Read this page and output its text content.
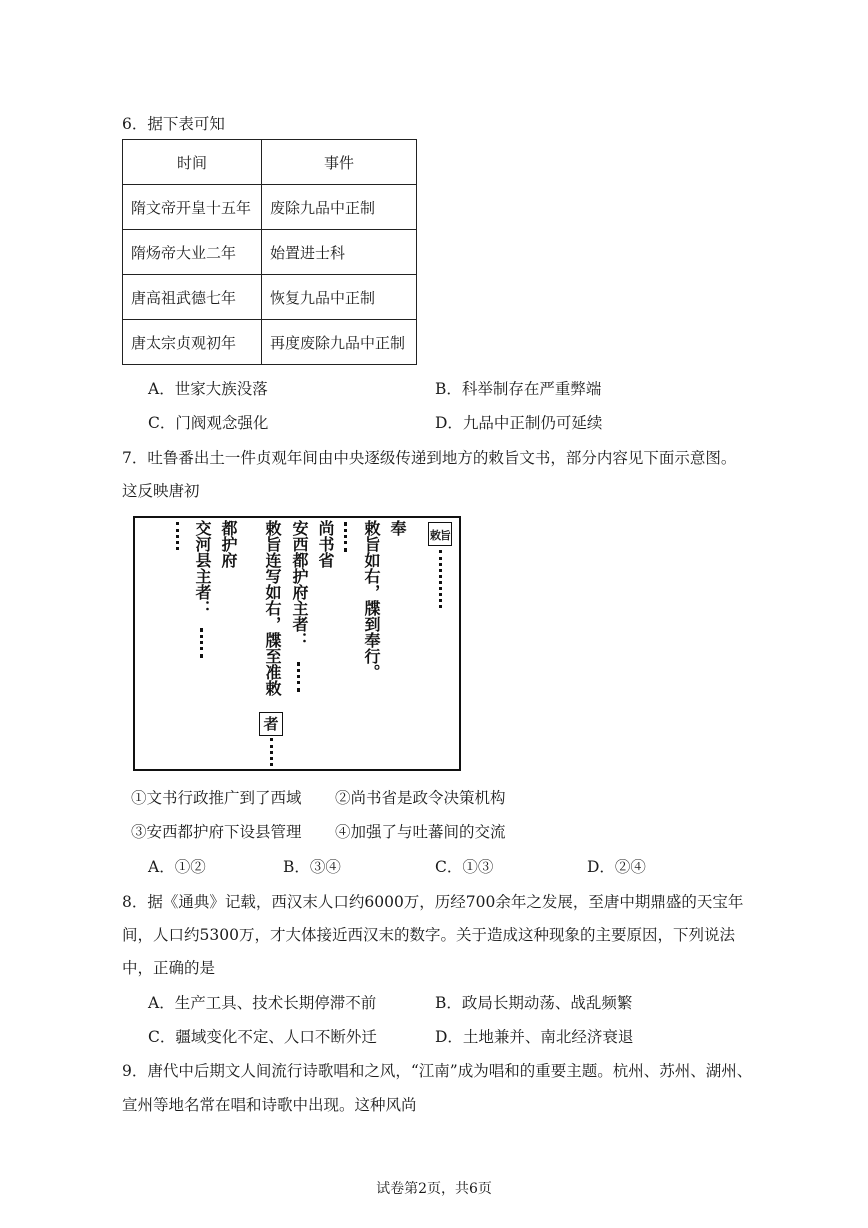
6．据下表可知
时间	事件
隋文帝开皇十五年	废除九品中正制
隋炀帝大业二年	始置进士科
唐高祖武德七年	恢复九品中正制
唐太宗贞观初年	再度废除九品中正制
A．世家大族没落	B．科举制存在严重弊端
C．门阀观念强化	D．九品中正制仍可延续
7．吐鲁番出土一件贞观年间由中央逐级传递到地方的敕旨文书，部分内容见下面示意图。
这反映唐初
敕旨
奉
敕旨如右，牒到奉行。
尚书省
安西都护府主者：
敕旨连写如右，牒至准敕
者
都护府
交河县主者：
①文书行政推广到了西域 ②尚书省是政令决策机构
③安西都护府下设县管理 ④加强了与吐蕃间的交流
A．①②	B．③④	C．①③	D．②④
8．据《通典》记载，西汉末人口约6000万，历经700余年之发展，至唐中期鼎盛的天宝年
间，人口约5300万，才大体接近西汉末的数字。关于造成这种现象的主要原因，下列说法
中，正确的是
A．生产工具、技术长期停滞不前	B．政局长期动荡、战乱频繁
C．疆域变化不定、人口不断外迁	D．土地兼并、南北经济衰退
9．唐代中后期文人间流行诗歌唱和之风，“江南”成为唱和的重要主题。杭州、苏州、湖州、
宣州等地名常在唱和诗歌中出现。这种风尚
试卷第2页，共6页
